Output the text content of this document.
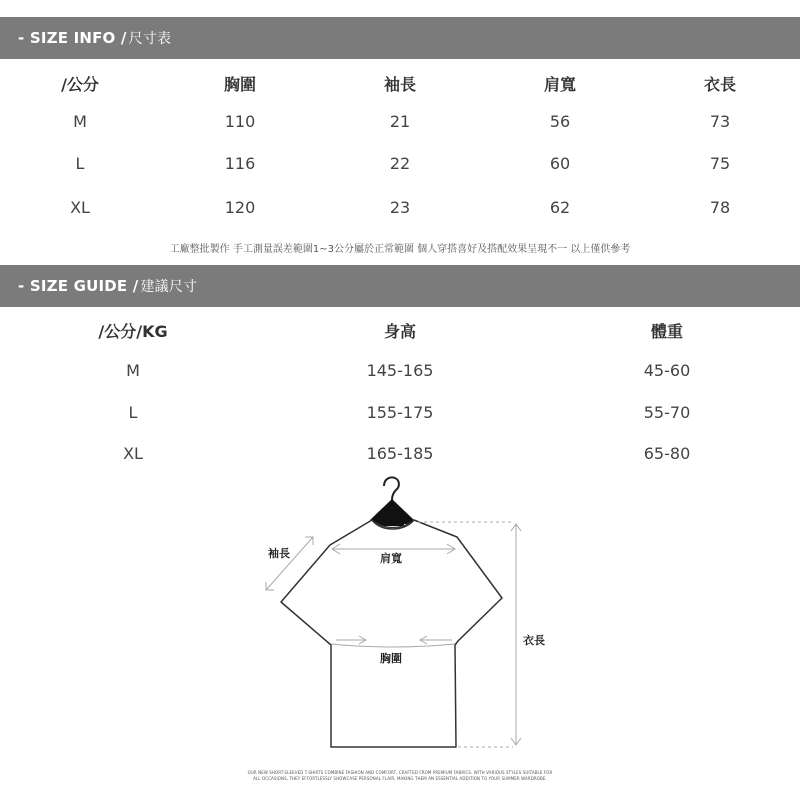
- SIZE INFO / 尺寸表
/公分	胸圍	袖長	肩寬	衣長
M	110	21	56	73
L	116	22	60	75
XL	120	23	62	78
工廠整批製作 手工測量誤差範圍1~3公分屬於正常範圍 個人穿搭喜好及搭配效果呈現不一 以上僅供參考
- SIZE GUIDE / 建議尺寸
/公分/KG	身高	體重
M	145-165	45-60
L	155-175	55-70
XL	165-185	65-80
肩寬
袖長
胸圍
衣長
OUR NEW SHORT-SLEEVED T-SHIRTS COMBINE FASHION AND COMFORT, CRAFTED FROM PREMIUM FABRICS. WITH VARIOUS STYLES SUITABLE FOR
ALL OCCASIONS, THEY EFFORTLESSLY SHOWCASE PERSONAL FLAIR, MAKING THEM AN ESSENTIAL ADDITION TO YOUR SUMMER WARDROBE.
